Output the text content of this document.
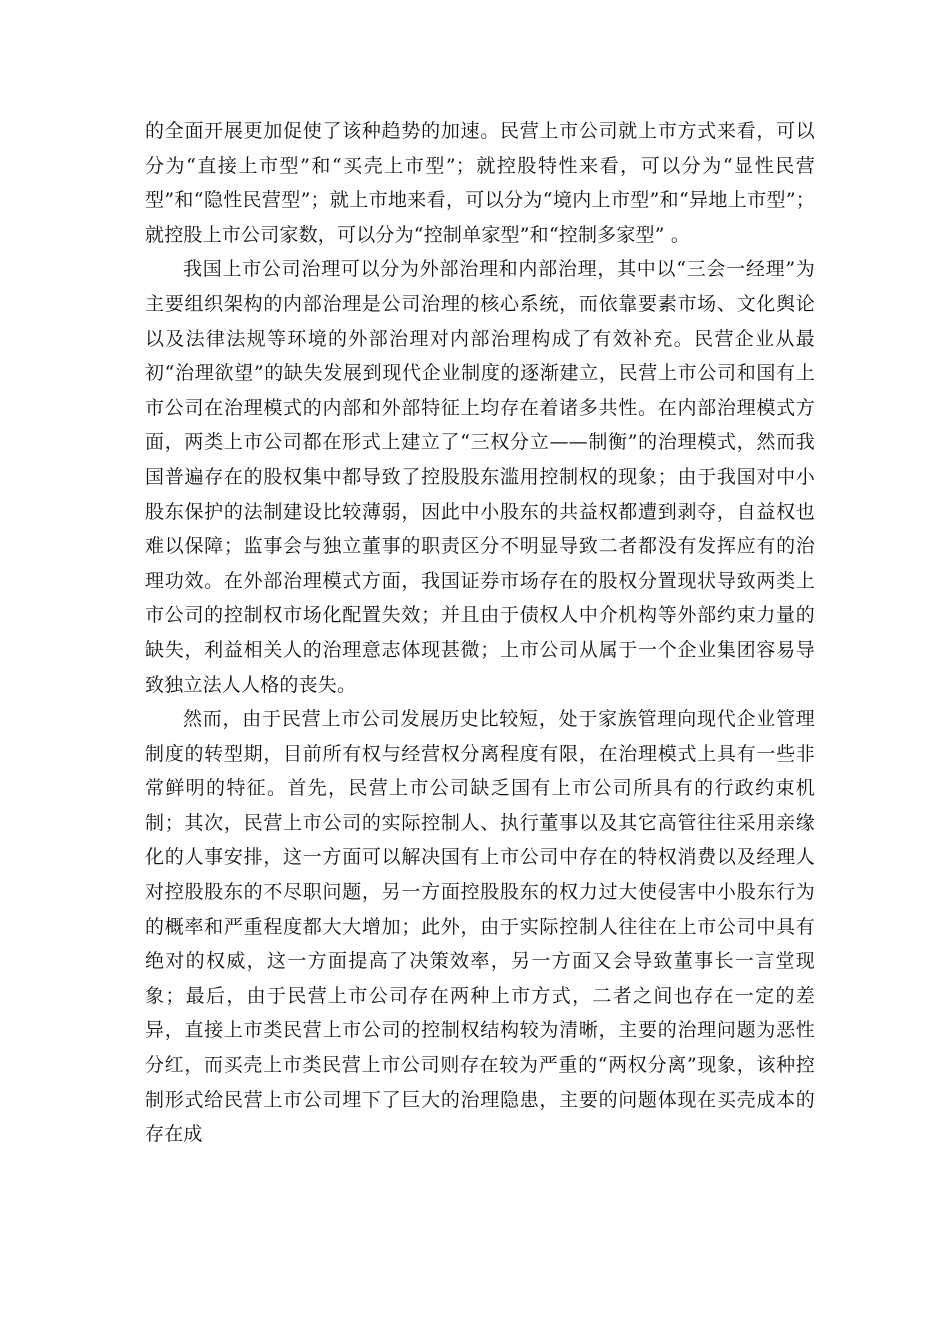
的全面开展更加促使了该种趋势的加速。民营上市公司就上市方式来看，可以分为“直接上市型”和“买壳上市型”；就控股特性来看，可以分为“显性民营型”和“隐性民营型”；就上市地来看，可以分为“境内上市型”和“异地上市型”；就控股上市公司家数，可以分为“控制单家型”和“控制多家型” 。

我国上市公司治理可以分为外部治理和内部治理，其中以“三会一经理”为主要组织架构的内部治理是公司治理的核心系统，而依靠要素市场、文化舆论以及法律法规等环境的外部治理对内部治理构成了有效补充。民营企业从最初“治理欲望”的缺失发展到现代企业制度的逐渐建立，民营上市公司和国有上市公司在治理模式的内部和外部特征上均存在着诸多共性。在内部治理模式方面，两类上市公司都在形式上建立了“三权分立——制衡”的治理模式，然而我国普遍存在的股权集中都导致了控股股东滥用控制权的现象；由于我国对中小股东保护的法制建设比较薄弱，因此中小股东的共益权都遭到剥夺，自益权也难以保障；监事会与独立董事的职责区分不明显导致二者都没有发挥应有的治理功效。在外部治理模式方面，我国证券市场存在的股权分置现状导致两类上市公司的控制权市场化配置失效；并且由于债权人中介机构等外部约束力量的缺失，利益相关人的治理意志体现甚微；上市公司从属于一个企业集团容易导致独立法人人格的丧失。

然而，由于民营上市公司发展历史比较短，处于家族管理向现代企业管理制度的转型期，目前所有权与经营权分离程度有限，在治理模式上具有一些非常鲜明的特征。首先，民营上市公司缺乏国有上市公司所具有的行政约束机制；其次，民营上市公司的实际控制人、执行董事以及其它高管往往采用亲缘化的人事安排，这一方面可以解决国有上市公司中存在的特权消费以及经理人对控股股东的不尽职问题，另一方面控股股东的权力过大使侵害中小股东行为的概率和严重程度都大大增加；此外，由于实际控制人往往在上市公司中具有绝对的权威，这一方面提高了决策效率，另一方面又会导致董事长一言堂现象；最后，由于民营上市公司存在两种上市方式，二者之间也存在一定的差异，直接上市类民营上市公司的控制权结构较为清晰，主要的治理问题为恶性分红，而买壳上市类民营上市公司则存在较为严重的“两权分离”现象，该种控制形式给民营上市公司埋下了巨大的治理隐患，主要的问题体现在买壳成本的存在成
